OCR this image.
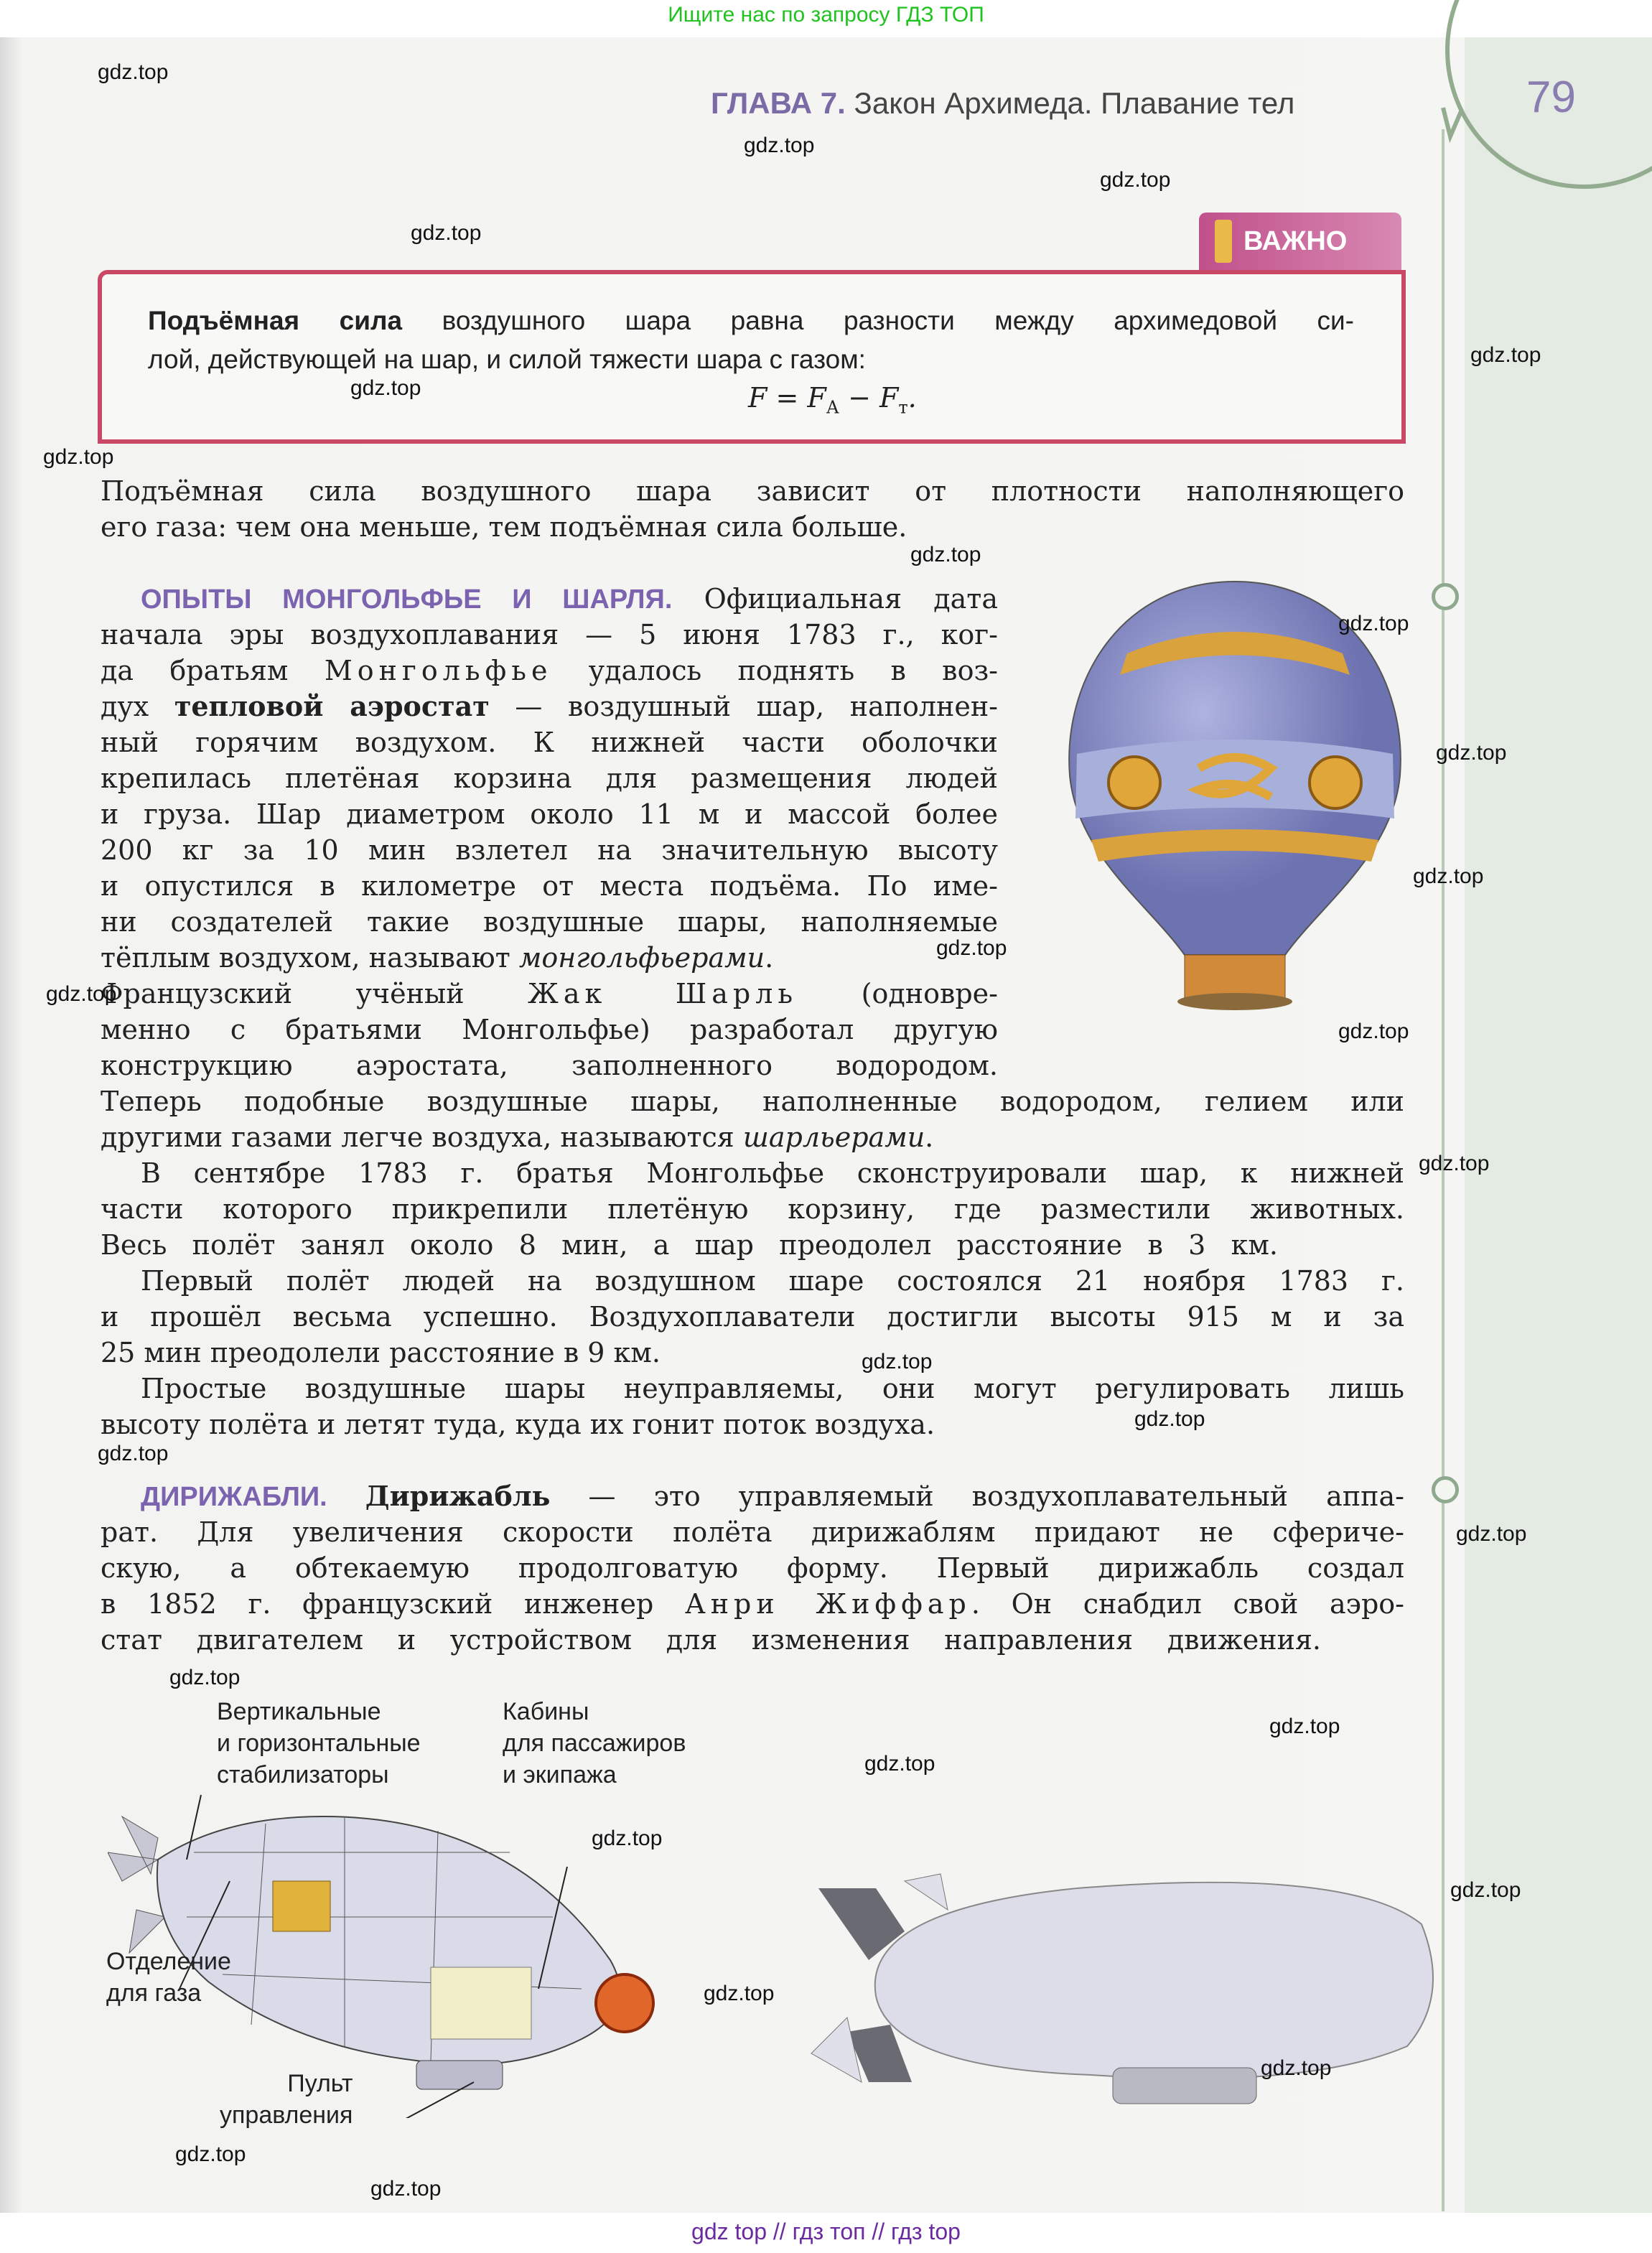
Ищите нас по запросу ГДЗ ТОП
ГЛАВА 7. Закон Архимеда. Плавание тел	79
ВАЖНО

Подъёмная сила воздушного шара равна разности между архимедовой си-

лой, действующей на шар, и силой тяжести шара с газом:

$F = F_А - F_т$.
Подъёмная сила воздушного шара зависит от плотности наполняющего
его газа: чем она меньше, тем подъёмная сила больше.
ОПЫТЫ МОНГОЛЬФЬЕ И ШАРЛЯ. Официальная дата
начала эры воздухоплавания — 5 июня 1783 г., ког-
да братьям Монгольфье удалось поднять в воз-
дух тепловой аэростат — воздушный шар, наполнен-
ный горячим воздухом. К нижней части оболочки
крепилась плетёная корзина для размещения людей
и груза. Шар диаметром около 11 м и массой более
200 кг за 10 мин взлетел на значительную высоту
и опустился в километре от места подъёма. По име-
ни создателей такие воздушные шары, наполняемые
тёплым воздухом, называют монгольфьерами.
Французский учёный Жак Шарль (одновре-
менно с братьями Монгольфье) разработал другую
конструкцию аэростата, заполненного водородом.
Теперь подобные воздушные шары, наполненные водородом, гелием или
другими газами легче воздуха, называются шарльерами.
В сентябре 1783 г. братья Монгольфье сконструировали шар, к нижней
части которого прикрепили плетёную корзину, где разместили животных.
Весь полёт занял около 8 мин, а шар преодолел расстояние в 3 км.
Первый полёт людей на воздушном шаре состоялся 21 ноября 1783 г.
и прошёл весьма успешно. Воздухоплаватели достигли высоты 915 м и за
25 мин преодолели расстояние в 9 км.
Простые воздушные шары неуправляемы, они могут регулировать лишь
высоту полёта и летят туда, куда их гонит поток воздуха.
ДИРИЖАБЛИ. Дирижабль — это управляемый воздухоплавательный аппа-
рат. Для увеличения скорости полёта дирижаблям придают не сфериче-
скую, а обтекаемую продолговатую форму. Первый дирижабль создал
в 1852 г. французский инженер Анри Жиффар. Он снабдил свой аэро-
стат двигателем и устройством для изменения направления движения.
Вертикальные
и горизонтальные
стабилизаторы
Кабины
для пассажиров
и экипажа
Отделение
для газа
Пульт
управления
gdz.top
gdz.top
gdz.top
gdz.top
gdz.top
gdz.top
gdz.top
gdz.top
gdz.top
gdz.top
gdz.top
gdz.top
gdz.top
gdz.top
gdz.top
gdz.top
gdz.top
gdz.top
gdz.top
gdz.top
gdz.top
gdz.top
gdz.top
gdz.top
gdz.top
gdz.top
gdz.top
gdz.top
gdz top // гдз топ // гдз top
